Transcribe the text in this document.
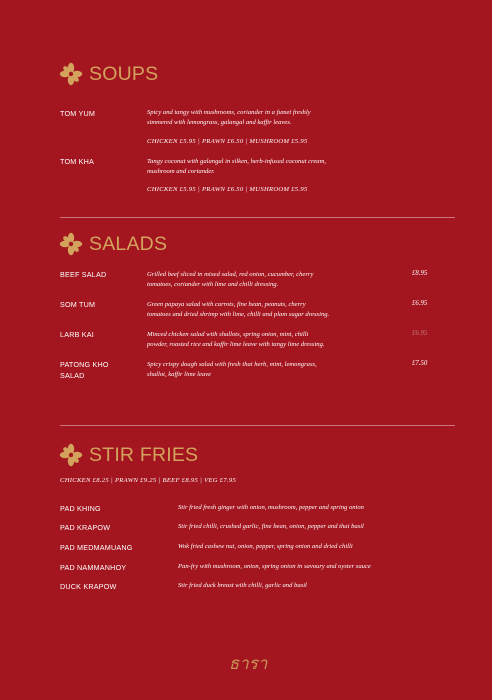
SOUPS
TOM YUM	Spicy and tangy with mushrooms, coriander in a fumet freshly
simmered with lemongrass, galangal and kaffir leaves.
CHICKEN £5.95 | PRAWN £6.50 | MUSHROOM £5.95
TOM KHA	Tangy coconut with galangal in silken, herb-infused coconut cream,
mushroom and coriander.
CHICKEN £5.95 | PRAWN £6.50 | MUSHROOM £5.95
SALADS
BEEF SALAD	Grilled beef sliced in mixed salad, red onion, cucumber, cherry
tomatoes, coriander with lime and chilli dressing.
£8.95
SOM TUM	Green papaya salad with carrots, fine bean, peanuts, cherry
tomatoes and dried shrimp with lime, chilli and plam sugar dressing.
£6.95
LARB KAI	Minced chicken salad with shallots, spring onion, mint, chilli
powder, roasted rice and kaffir lime leave with tangy lime dressing.
£6.95
PATONG KHO
SALAD
Spicy crispy dough salad with fresh thai herb, mint, lemongrass,
shallot, kaffir lime leave
£7.50
STIR FRIES
CHICKEN £8.25 | PRAWN £9.25 | BEEF £8.95 | VEG £7.95
PAD KHING	Stir fried fresh ginger with onion, mushroom, pepper and spring onion
PAD KRAPOW	Stir fried chilli, crushed garlic, fine bean, onion, pepper and thai basil
PAD MEDMAMUANG	Wok fried cashew nut, onion, pepper, spring onion and dried chilli
PAD NAMMANHOY	Pan-fry with mushroom, onion, spring onion in savoury and oyster sauce
DUCK KRAPOW	Stir fried duck breast with chilli, garlic and basil
ธารา
